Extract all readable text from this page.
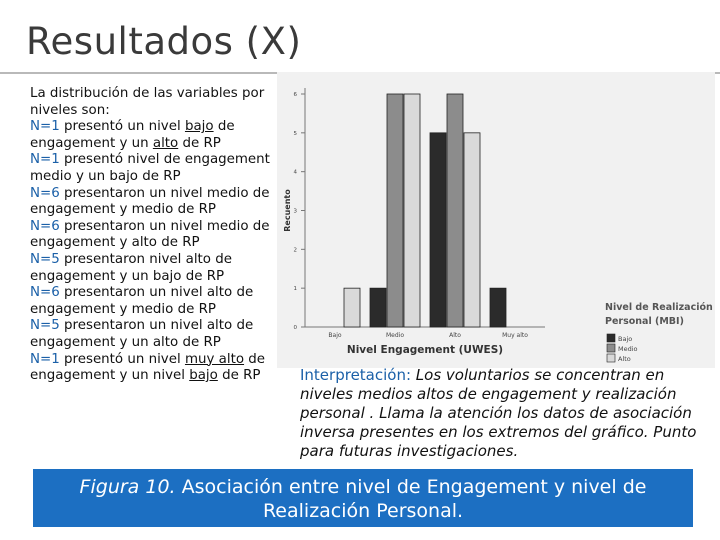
Resultados (X)

La distribución de las variables por niveles son:

N=1 presentó un nivel bajo de engagement y un alto de RP

N=1 presentó nivel de engagement medio y un bajo de RP

N=6 presentaron un nivel medio de engagement y medio de RP

N=6 presentaron un nivel medio de engagement y alto de RP

N=5 presentaron nivel alto de engagement y un bajo de RP

N=6 presentaron un nivel alto de engagement y medio de RP

N=5 presentaron un nivel alto de engagement y un alto de RP

N=1 presentó un nivel muy alto de engagement y un nivel bajo de RP

0
1
2
3
4
5
6
Recuento
Bajo	Medio	Alto	Muy alto
Nivel Engagement (UWES)
Nivel de Realización
Personal (MBI)
Bajo
Medio
Alto
Interpretación: Los voluntarios se concentran en niveles medios altos de engagement y realización personal . Llama la atención los datos de asociación inversa presentes en los extremos del gráfico. Punto para futuras investigaciones.
Figura 10. Asociación entre nivel de Engagement y nivel de Realización Personal.
